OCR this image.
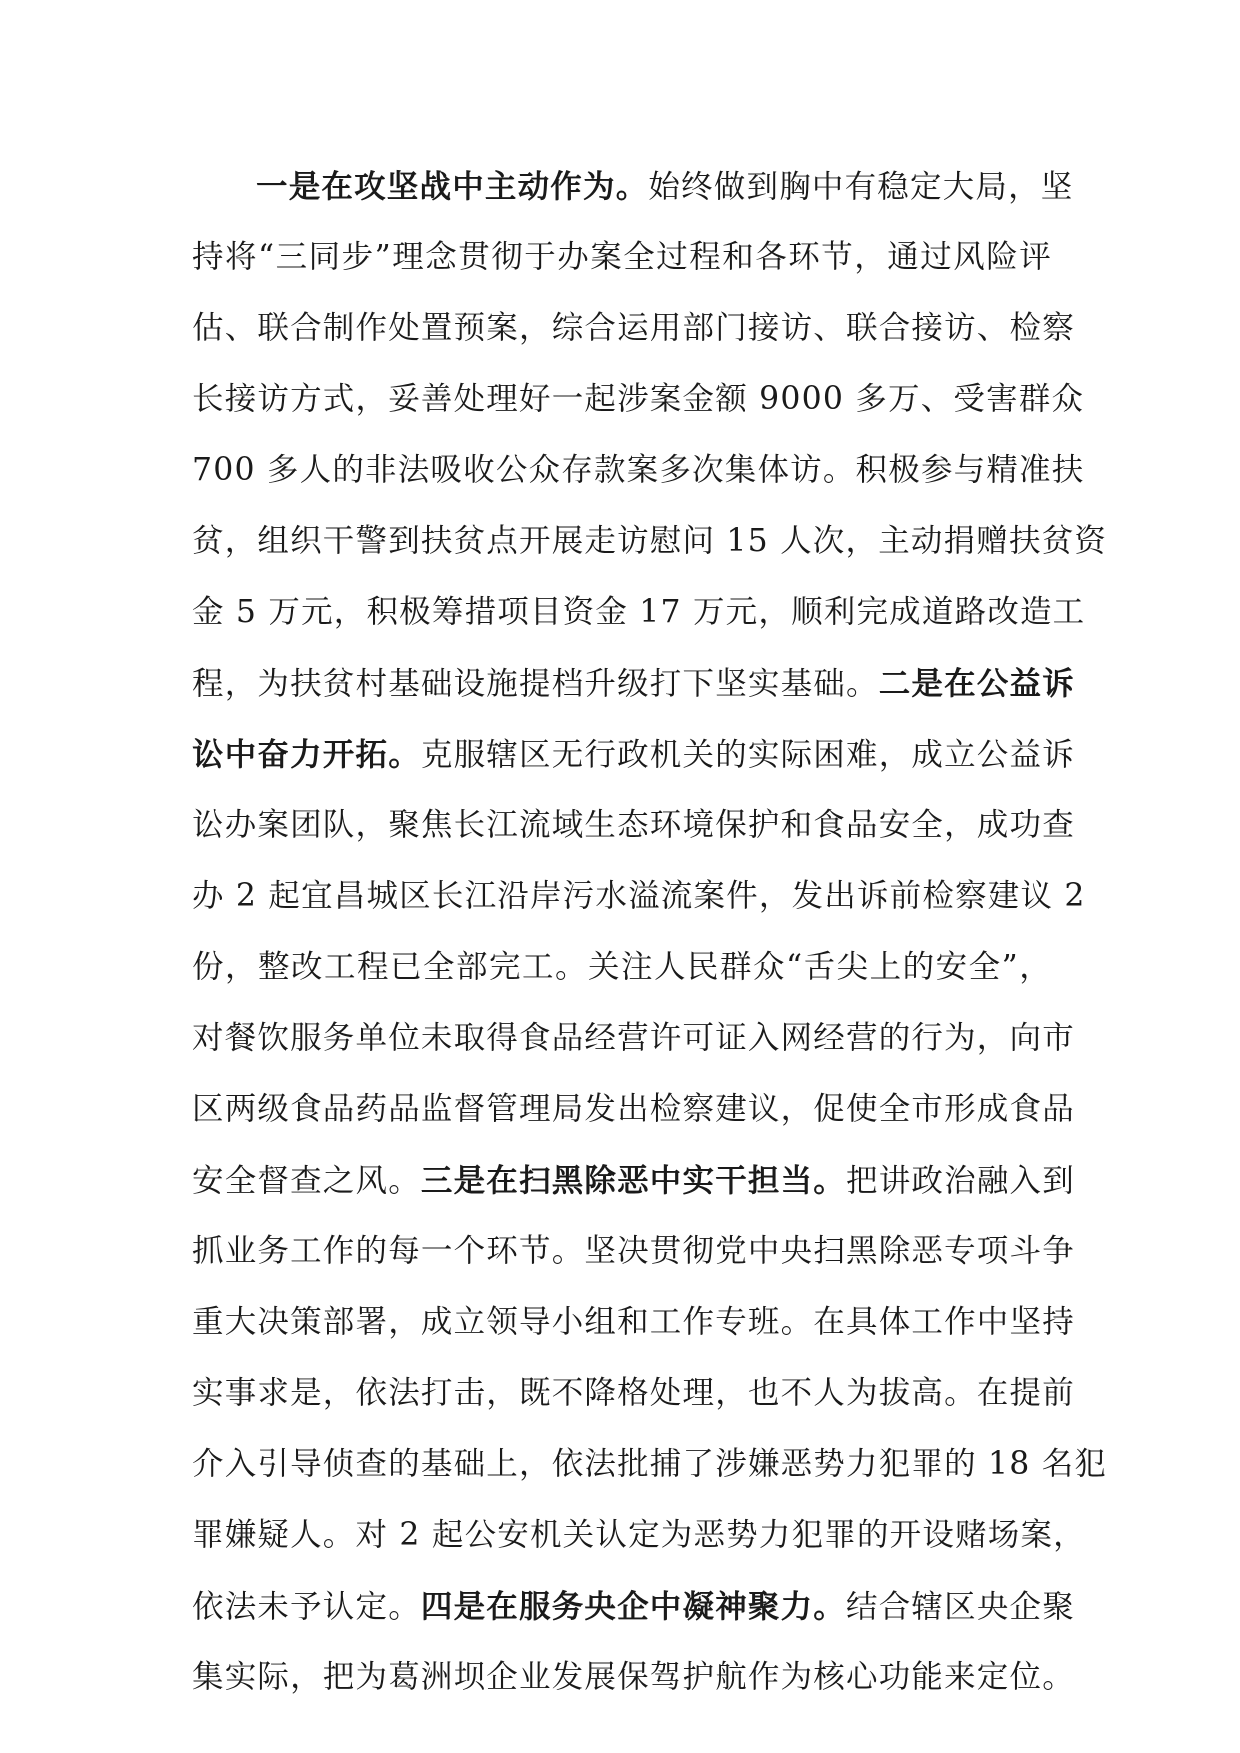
一是在攻坚战中主动作为。始终做到胸中有稳定大局，坚
持将“三同步”理念贯彻于办案全过程和各环节，通过风险评
估、联合制作处置预案，综合运用部门接访、联合接访、检察
长接访方式，妥善处理好一起涉案金额 9000 多万、受害群众
700 多人的非法吸收公众存款案多次集体访。积极参与精准扶
贫，组织干警到扶贫点开展走访慰问 15 人次，主动捐赠扶贫资
金 5 万元，积极筹措项目资金 17 万元，顺利完成道路改造工
程，为扶贫村基础设施提档升级打下坚实基础。二是在公益诉
讼中奋力开拓。克服辖区无行政机关的实际困难，成立公益诉
讼办案团队，聚焦长江流域生态环境保护和食品安全，成功查
办 2 起宜昌城区长江沿岸污水溢流案件，发出诉前检察建议 2
份，整改工程已全部完工。关注人民群众“舌尖上的安全”，
对餐饮服务单位未取得食品经营许可证入网经营的行为，向市
区两级食品药品监督管理局发出检察建议，促使全市形成食品
安全督查之风。三是在扫黑除恶中实干担当。把讲政治融入到
抓业务工作的每一个环节。坚决贯彻党中央扫黑除恶专项斗争
重大决策部署，成立领导小组和工作专班。在具体工作中坚持
实事求是，依法打击，既不降格处理，也不人为拔高。在提前
介入引导侦查的基础上，依法批捕了涉嫌恶势力犯罪的 18 名犯
罪嫌疑人。对 2 起公安机关认定为恶势力犯罪的开设赌场案，
依法未予认定。四是在服务央企中凝神聚力。结合辖区央企聚
集实际，把为葛洲坝企业发展保驾护航作为核心功能来定位。
